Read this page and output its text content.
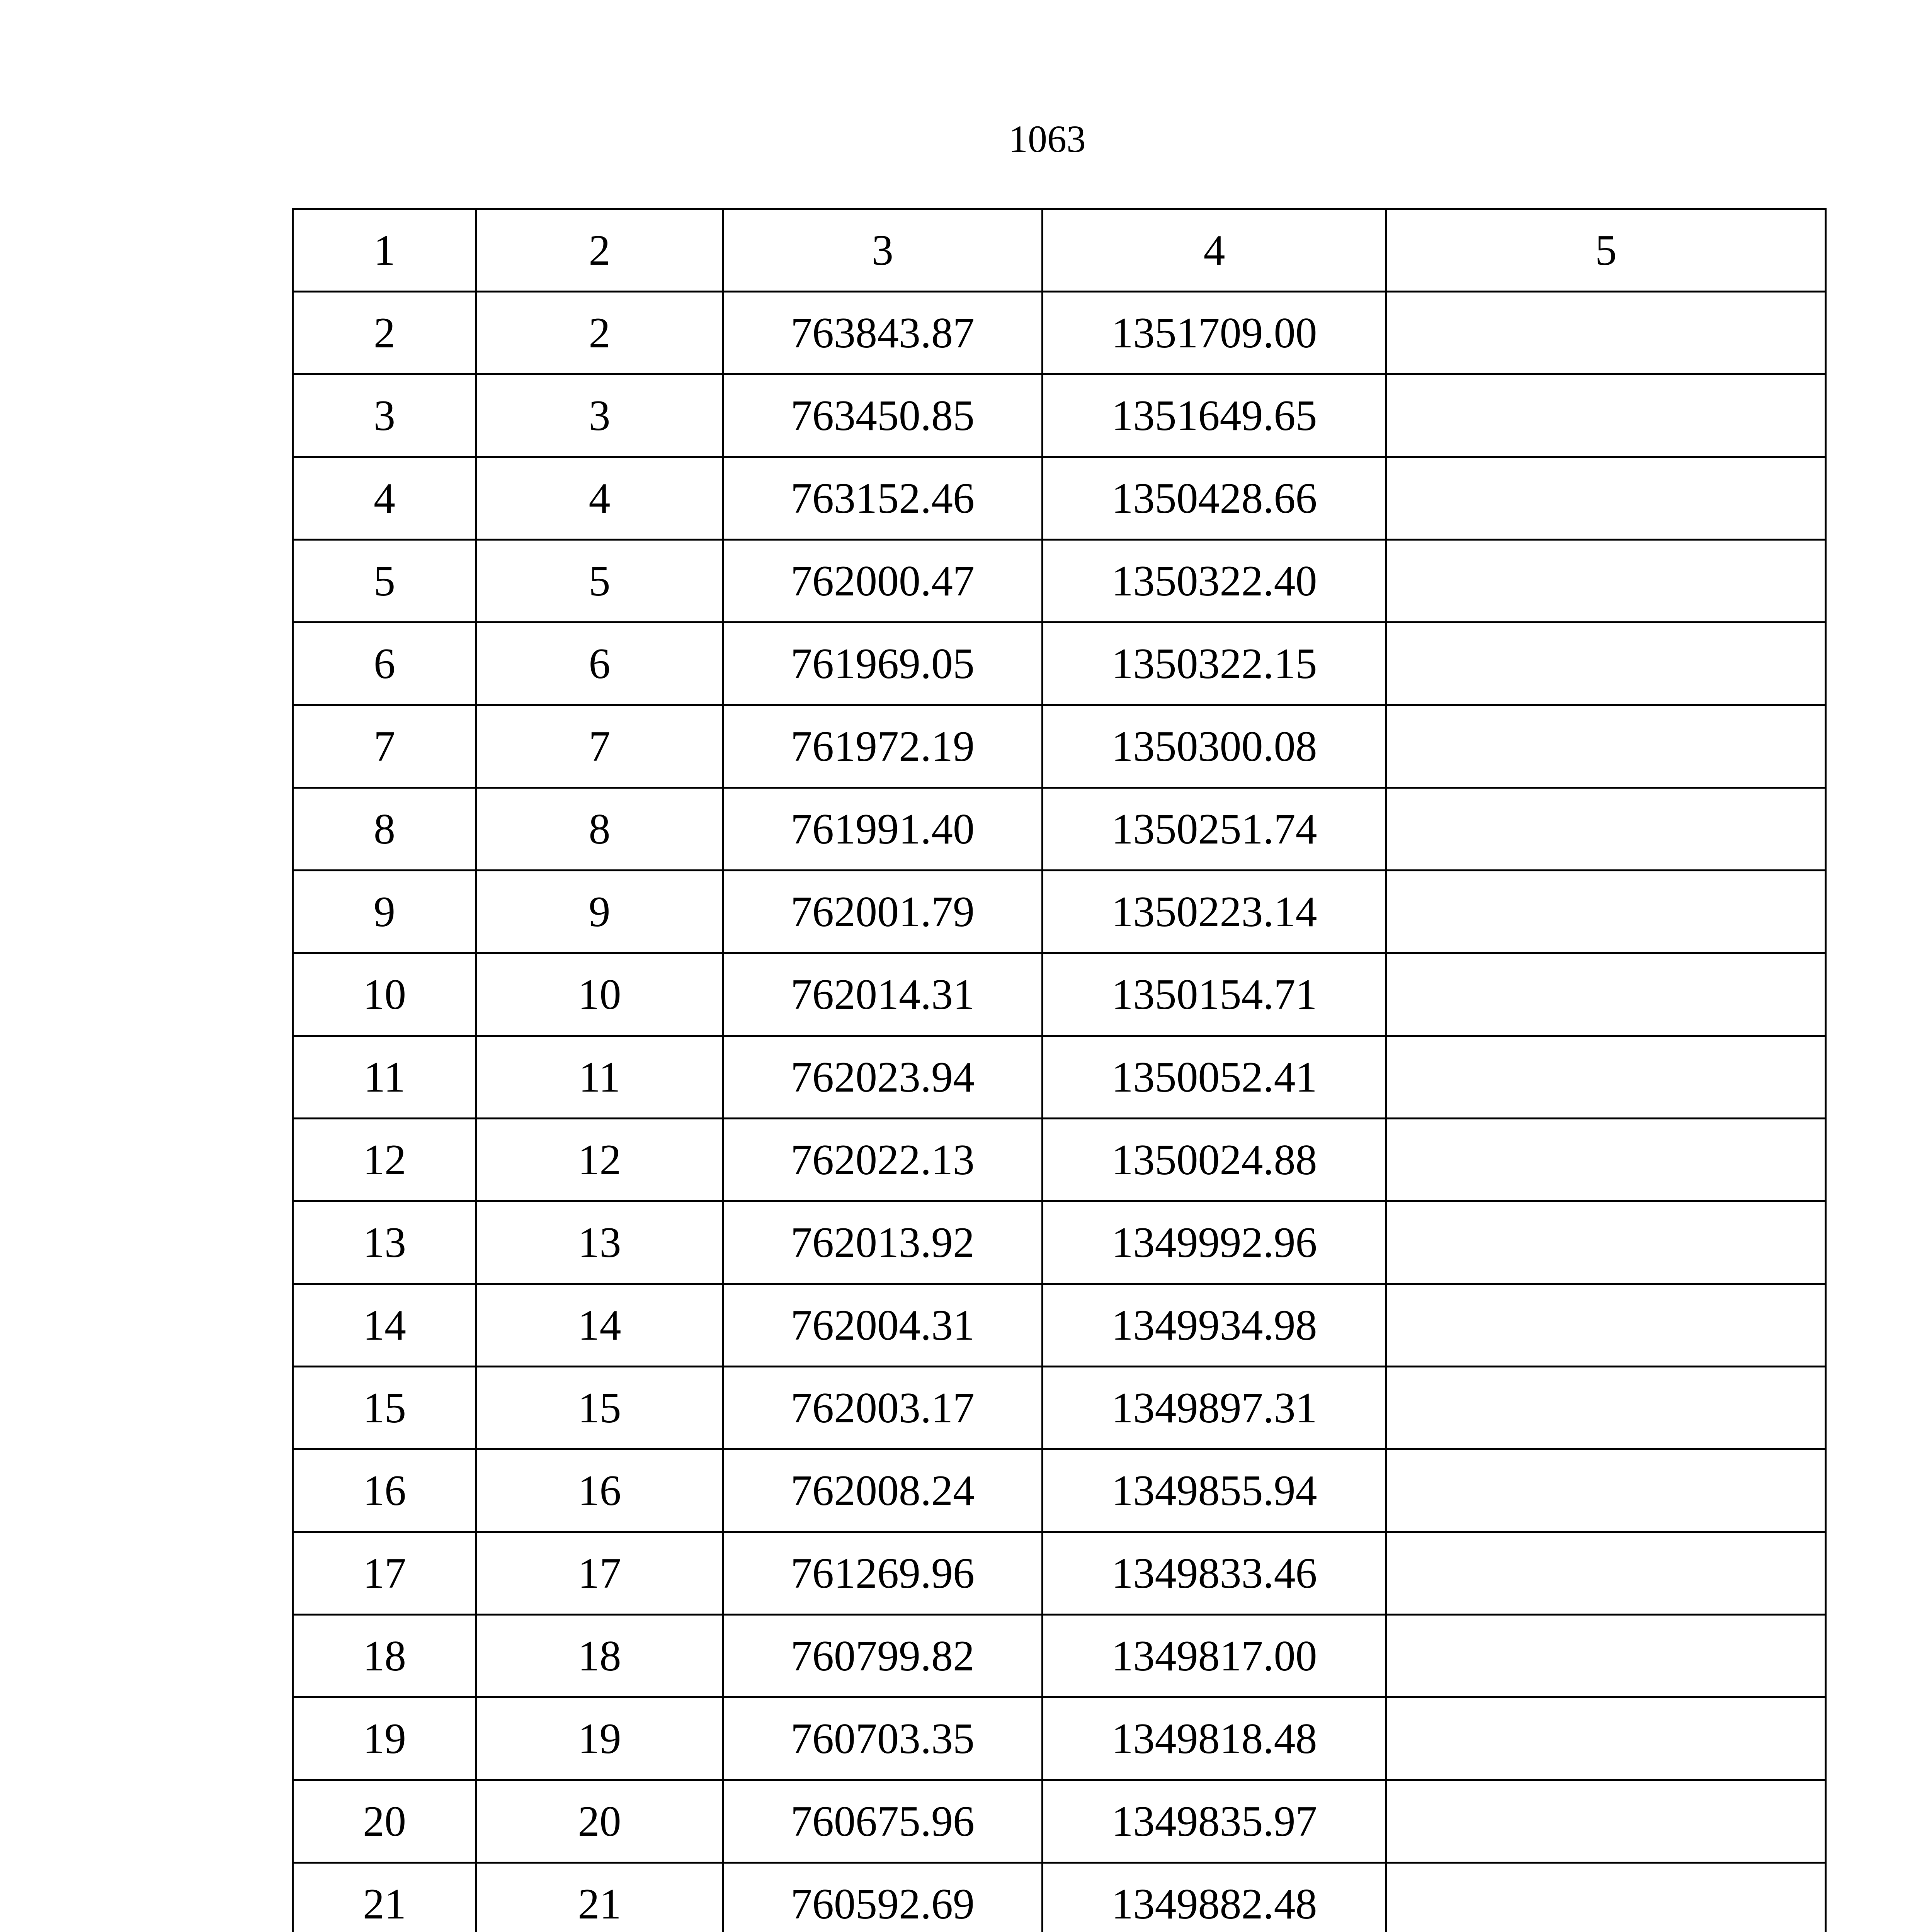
1063
1	2	3	4	5
2	2	763843.87	1351709.00	
3	3	763450.85	1351649.65	
4	4	763152.46	1350428.66	
5	5	762000.47	1350322.40	
6	6	761969.05	1350322.15	
7	7	761972.19	1350300.08	
8	8	761991.40	1350251.74	
9	9	762001.79	1350223.14	
10	10	762014.31	1350154.71	
11	11	762023.94	1350052.41	
12	12	762022.13	1350024.88	
13	13	762013.92	1349992.96	
14	14	762004.31	1349934.98	
15	15	762003.17	1349897.31	
16	16	762008.24	1349855.94	
17	17	761269.96	1349833.46	
18	18	760799.82	1349817.00	
19	19	760703.35	1349818.48	
20	20	760675.96	1349835.97	
21	21	760592.69	1349882.48	
